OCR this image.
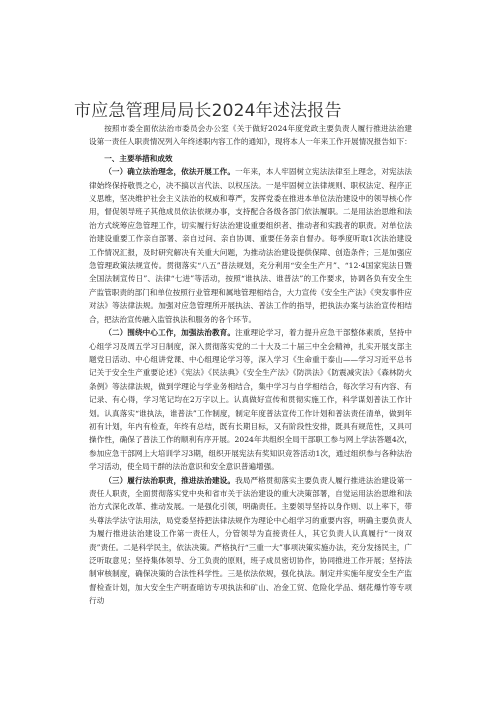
市应急管理局局长2024年述法报告

按照市委全面依法治市委员会办公室《关于做好2024年度党政主要负责人履行推进法治建设第一责任人职责情况列入年终述职内容工作的通知》，现将本人一年来工作开展情况报告如下：

一、主要举措和成效

（一）确立法治理念，依法开展工作。一年来，本人牢固树立宪法法律至上理念，对宪法法律始终保持敬畏之心，决不搞以言代法、以权压法。一是牢固树立法律规则、职权法定、程序正义思维，坚决维护社会主义法治的权威和尊严，发挥党委在推进本单位法治建设中的领导核心作用，督促领导班子其他成员依法依规办事，支持配合各级各部门依法履职。二是用法治思维和法治方式统筹应急管理工作，切实履行好法治建设重要组织者、推动者和实践者的职责。对单位法治建设重要工作亲自部署、亲自过问、亲自协调、重要任务亲自督办。每季度听取1次法治建设工作情况汇报，及时研究解决有关重大问题，为推动法治建设提供保障、创造条件；三是加强应急管理政策法规宣传。贯彻落实“八五”普法规划，充分利用“安全生产月”、“12·4国家宪法日暨全国法制宣传日”、法律“七进”等活动，按照“谁执法、谁普法”的工作要求，协调各负有安全生产监管职责的部门和单位按照行业管理和属地管理相结合，大力宣传《安全生产法》《突发事件应对法》等法律法规。加强对应急管理所开展执法、普法工作的指导，把执法办案与法治宣传相结合，把法治宣传融入监管执法和服务的各个环节。

（二）围绕中心工作，加强法治教育。注重理论学习，着力提升应急干部整体素质，坚持中心组学习及周五学习日制度，深入贯彻落实党的二十大及二十届三中全会精神，扎实开展支部主题党日活动、中心组讲党课、中心组理论学习等，深入学习《生命重于泰山——学习习近平总书记关于安全生产重要论述》《宪法》《民法典》《安全生产法》《防洪法》《防震减灾法》《森林防火条例》等法律法规，做到学理论与学业务相结合，集中学习与自学相结合，每次学习有内容、有记录、有心得，学习笔记均在2万字以上。认真做好宣传和贯彻实施工作，科学谋划普法工作计划。认真落实“谁执法，谁普法”工作制度，制定年度普法宣传工作计划和普法责任清单，做到年初有计划，年内有检查，年终有总结，既有长期目标，又有阶段性安排，既具有规范性，又具可操作性，确保了普法工作的顺利有序开展。2024年共组织全局干部职工参与网上学法答题4次，参加应急干部网上大培训学习3期，组织开展宪法有奖知识竞答活动1次，通过组织参与各种法治学习活动，使全局干群的法治意识和安全意识普遍增强。

（三）履行法治职责，推进法治建设。我局严格贯彻落实主要负责人履行推进法治建设第一责任人职责，全面贯彻落实党中央和省市关于法治建设的重大决策部署，自觉运用法治思维和法治方式深化改革、推动发展。一是强化引领，明确责任。主要领导坚持以身作则、以上率下，带头尊法学法守法用法，局党委坚持把法律法规作为理论中心组学习的重要内容，明确主要负责人为履行推进法治建设工作第一责任人，分管领导为直接责任人，其它负责人认真履行“一岗双责”责任。二是科学民主，依法决策。严格执行“三重一大”事项决策实施办法，充分发扬民主，广泛听取意见；坚持集体领导、分工负责的原则，班子成员密切协作，协同推进工作开展；坚持法制审核制度，确保决策的合法性科学性。三是依法依规，强化执法。制定并实施年度安全生产监督检查计划，加大安全生产明查暗访专项执法和矿山、冶金工贸、危险化学品、烟花爆竹等专项行动
